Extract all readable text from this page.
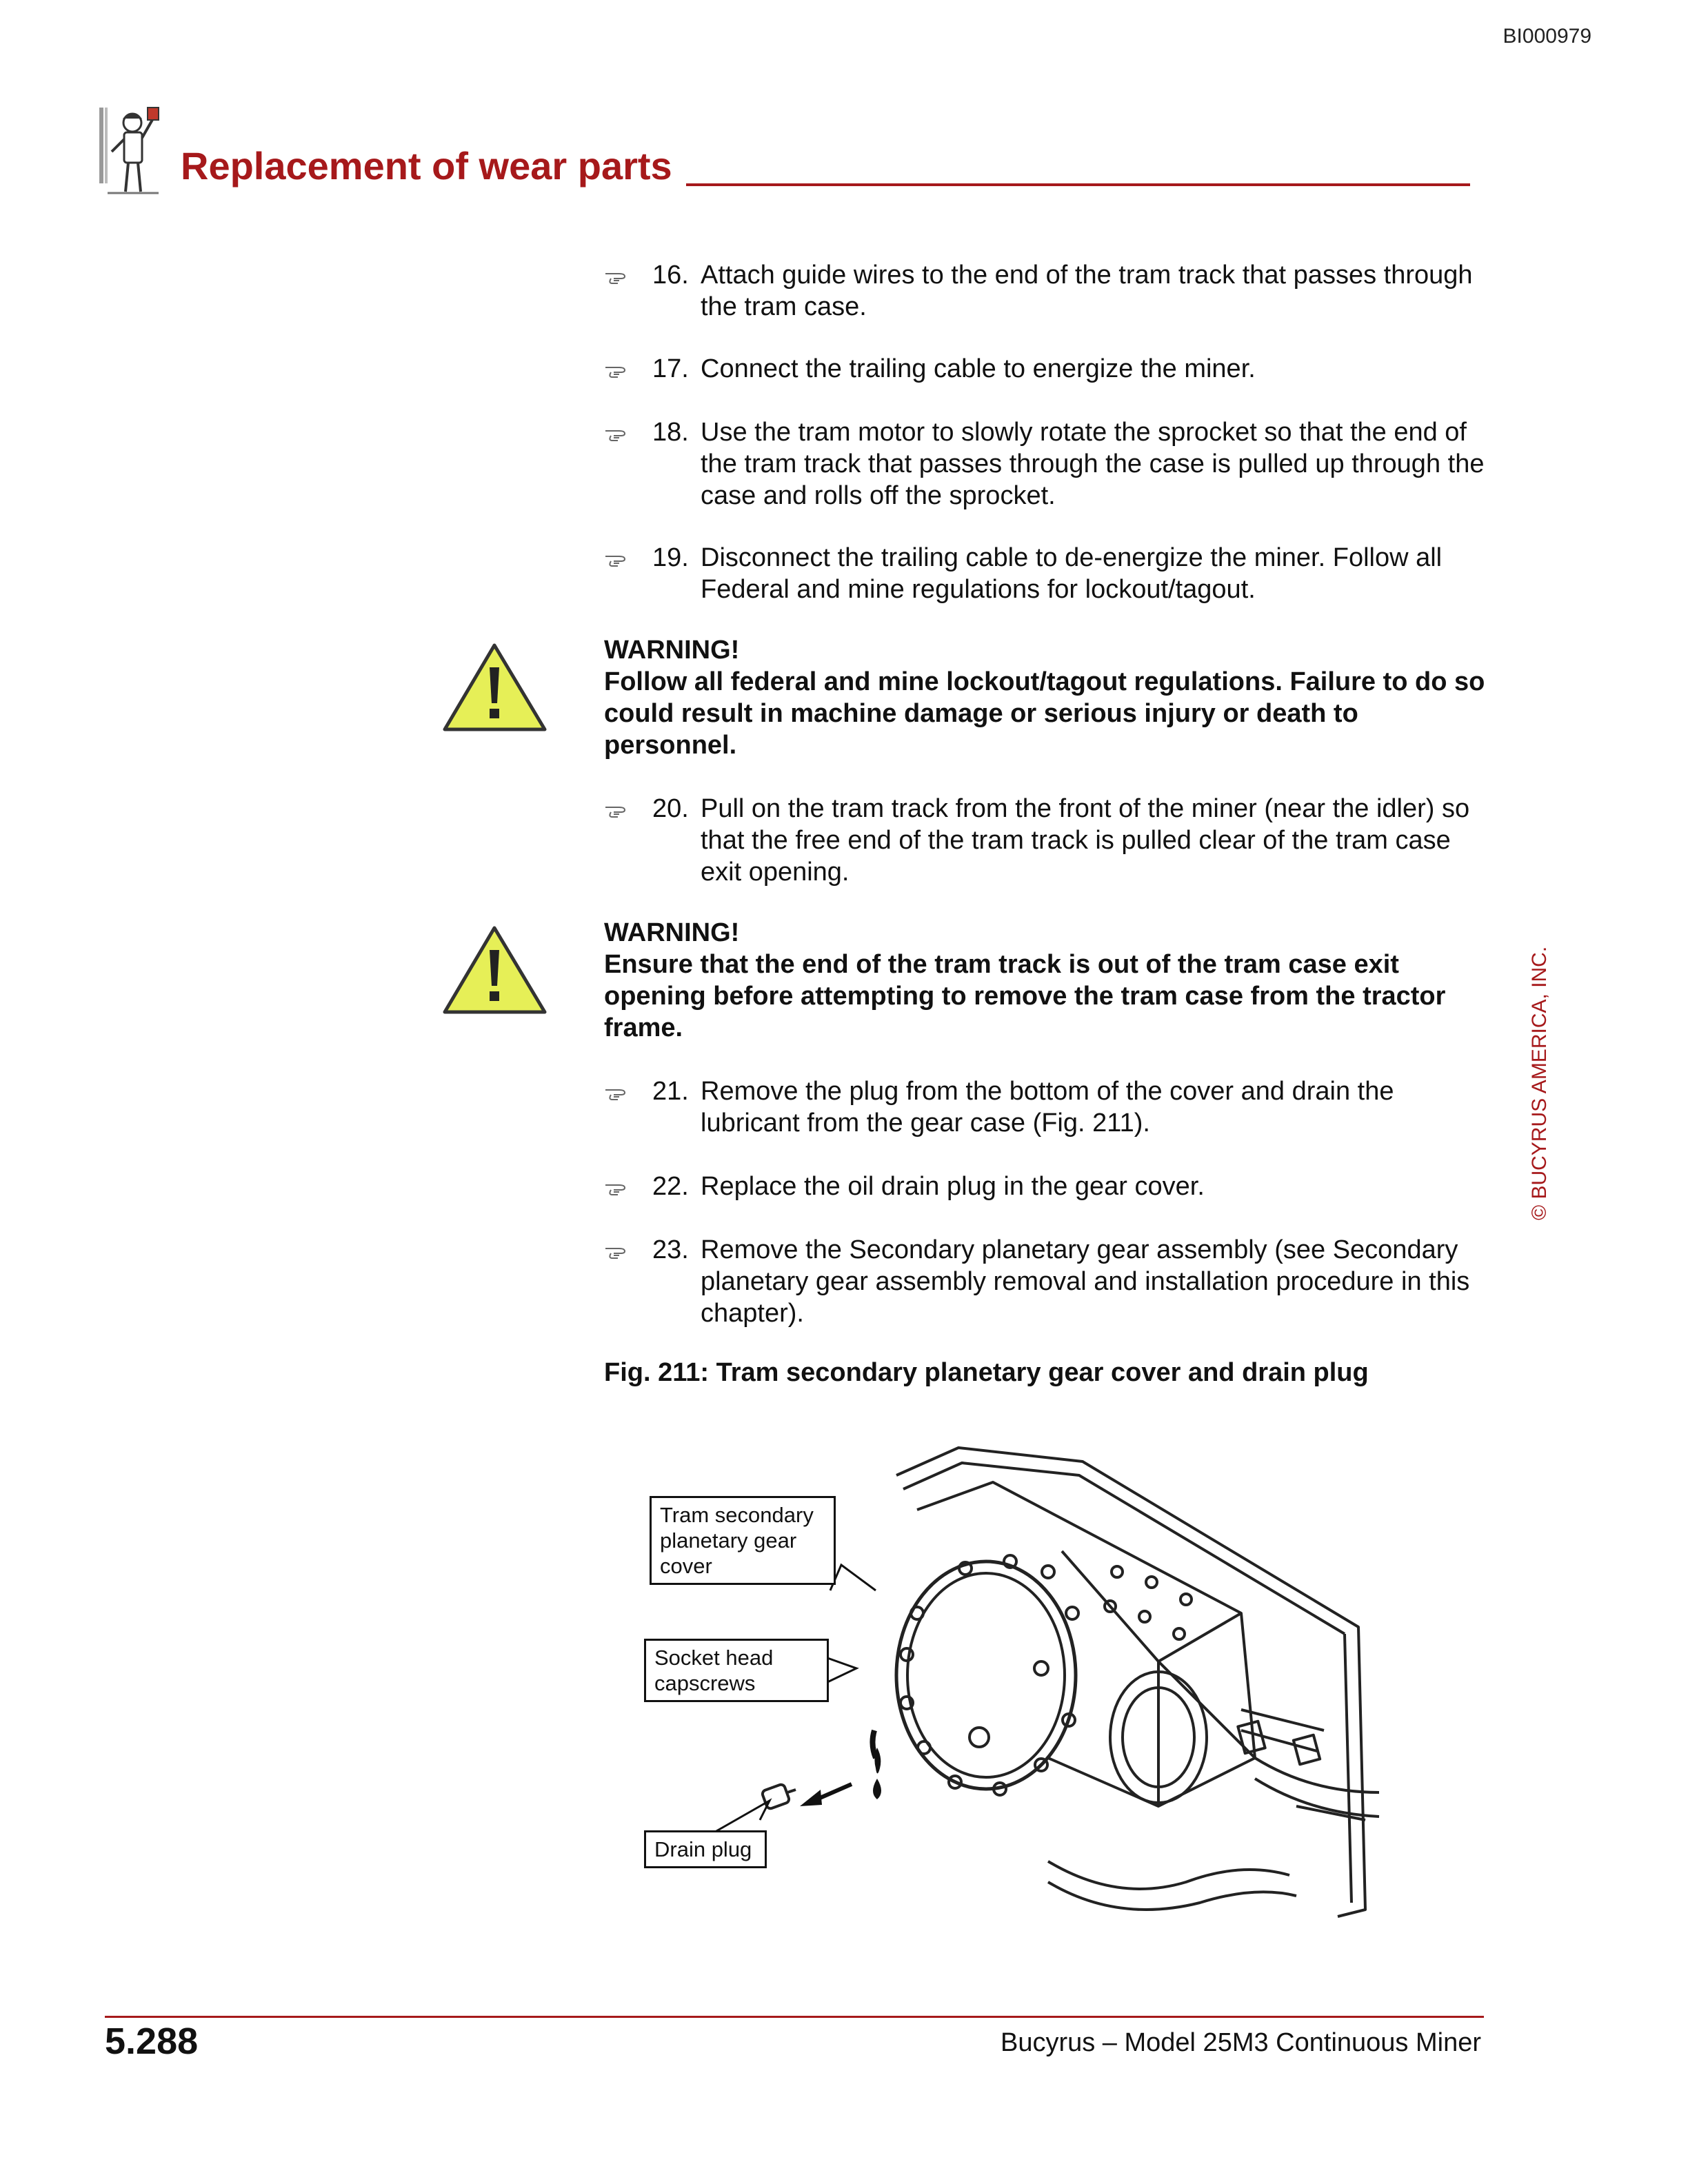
BI000979
Replacement of wear parts
16. Attach guide wires to the end of the tram track that passes through the tram case.
17. Connect the trailing cable to energize the miner.
18. Use the tram motor to slowly rotate the sprocket so that the end of the tram track that passes through the case is pulled up through the case and rolls off the sprocket.
19. Disconnect the trailing cable to de-energize the miner. Follow all Federal and mine regulations for lockout/tagout.
WARNING!
Follow all federal and mine lockout/tagout regulations. Failure to do so could result in machine damage or serious injury or death to personnel.
20. Pull on the tram track from the front of the miner (near the idler) so that the free end of the tram track is pulled clear of the tram case exit opening.
WARNING!
Ensure that the end of the tram track is out of the tram case exit opening before attempting to remove the tram case from the tractor frame.
21. Remove the plug from the bottom of the cover and drain the lubricant from the gear case (Fig. 211).
22. Replace the oil drain plug in the gear cover.
23. Remove the Secondary planetary gear assembly (see Secondary planetary gear assembly removal and installation procedure in this chapter).
Fig. 211: Tram secondary planetary gear cover and drain plug
Tram secondary
planetary gear
cover
Socket head
capscrews
Drain plug
© BUCYRUS AMERICA, INC.
5.288	Bucyrus – Model 25M3 Continuous Miner
